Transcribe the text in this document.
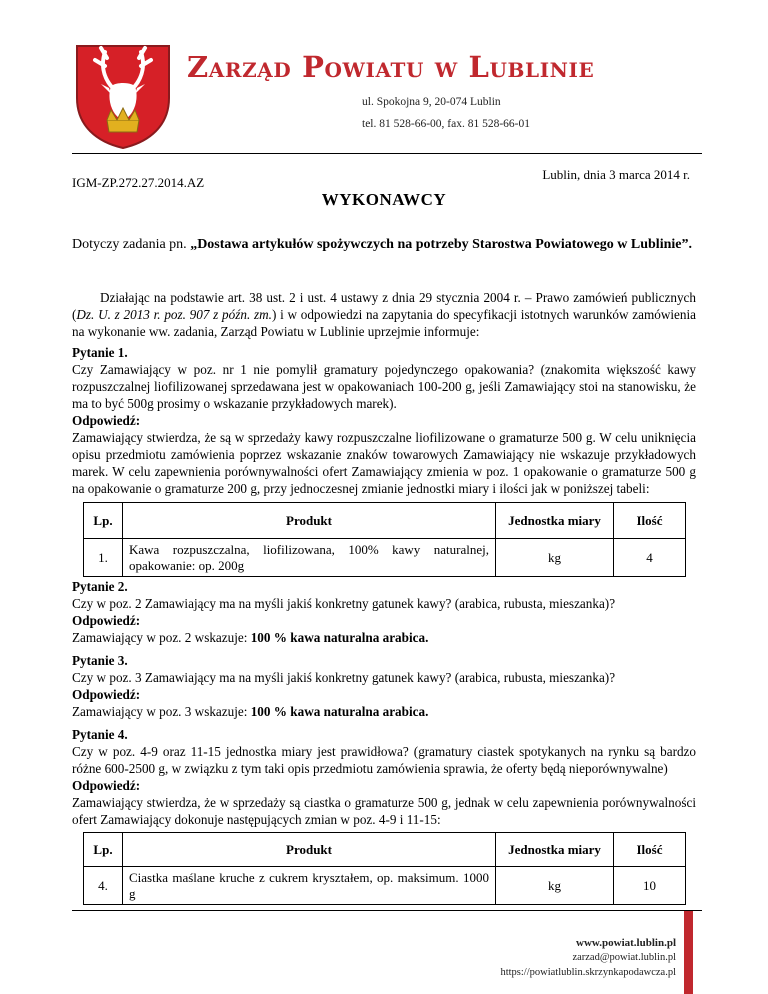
Zarząd Powiatu w Lublinie
ul. Spokojna 9, 20-074 Lublin
tel. 81 528-66-00, fax. 81 528-66-01
Lublin, dnia 3 marca 2014 r.
IGM-ZP.272.27.2014.AZ
WYKONAWCY
Dotyczy zadania pn. „Dostawa artykułów spożywczych na potrzeby Starostwa Powiatowego w Lublinie”.
Działając na podstawie art. 38 ust. 2 i ust. 4 ustawy z dnia 29 stycznia 2004 r. – Prawo zamówień publicznych (Dz. U. z 2013 r. poz. 907 z późn. zm.) i w odpowiedzi na zapytania do specyfikacji istotnych warunków zamówienia na wykonanie ww. zadania, Zarząd Powiatu w Lublinie uprzejmie informuje:

Pytanie 1.

Czy Zamawiający w poz. nr 1 nie pomylił gramatury pojedynczego opakowania? (znakomita większość kawy rozpuszczalnej liofilizowanej sprzedawana jest w opakowaniach 100-200 g, jeśli Zamawiający stoi na stanowisku, że ma to być 500g prosimy o wskazanie przykładowych marek).

Odpowiedź:

Zamawiający stwierdza, że są w sprzedaży kawy rozpuszczalne liofilizowane o gramaturze 500 g. W celu uniknięcia opisu przedmiotu zamówienia poprzez wskazanie znaków towarowych Zamawiający nie wskazuje przykładowych marek. W celu zapewnienia porównywalności ofert Zamawiający zmienia w poz. 1 opakowanie o gramaturze 500 g na opakowanie o gramaturze 200 g, przy jednoczesnej zmianie jednostki miary i ilości jak w poniższej tabeli:

Lp.	Produkt	Jednostka miary	Ilość
1.	Kawa rozpuszczalna, liofilizowana, 100% kawy naturalnej, opakowanie: op. 200g	kg	4

Pytanie 2.

Czy w poz. 2 Zamawiający ma na myśli jakiś konkretny gatunek kawy? (arabica, rubusta, mieszanka)?

Odpowiedź:

Zamawiający w poz. 2 wskazuje: 100 % kawa naturalna arabica.

Pytanie 3.

Czy w poz. 3 Zamawiający ma na myśli jakiś konkretny gatunek kawy? (arabica, rubusta, mieszanka)?

Odpowiedź:

Zamawiający w poz. 3 wskazuje: 100 % kawa naturalna arabica.

Pytanie 4.

Czy w poz. 4-9 oraz 11-15 jednostka miary jest prawidłowa? (gramatury ciastek spotykanych na rynku są bardzo różne 600-2500 g, w związku z tym taki opis przedmiotu zamówienia sprawia, że oferty będą nieporównywalne)

Odpowiedź:

Zamawiający stwierdza, że w sprzedaży są ciastka o gramaturze 500 g, jednak w celu zapewnienia porównywalności ofert Zamawiający dokonuje następujących zmian w poz. 4-9 i 11-15:

Lp.	Produkt	Jednostka miary	Ilość
4.	Ciastka maślane kruche z cukrem kryształem, op. maksimum. 1000 g	kg	10
www.powiat.lublin.pl
zarzad@powiat.lublin.pl
https://powiatlublin.skrzynkapodawcza.pl
